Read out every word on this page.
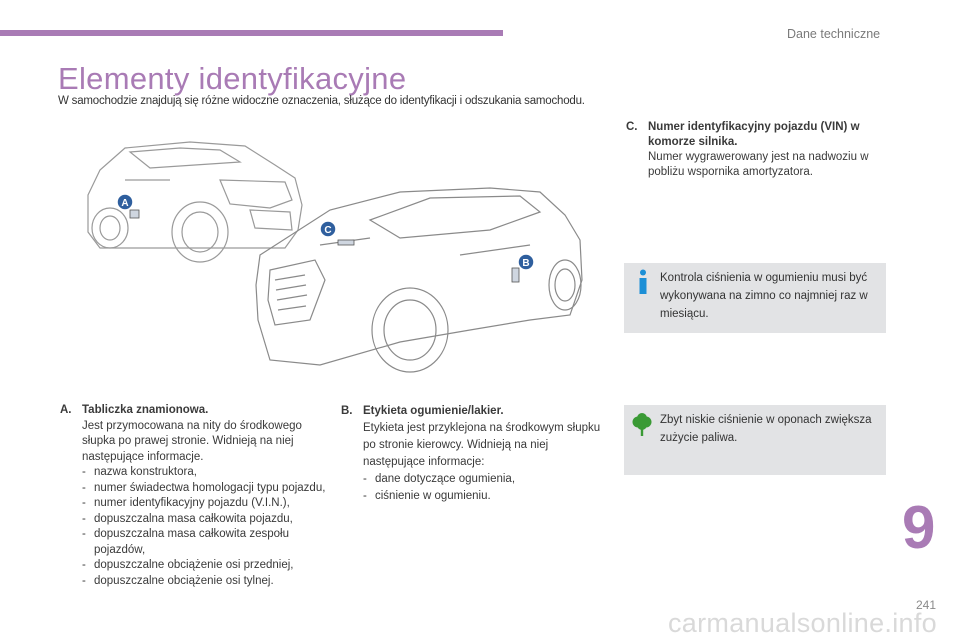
Dane techniczne
Elementy identyfikacyjne
W samochodzie znajdują się różne widoczne oznaczenia, służące do identyfikacji i odszukania samochodu.
A
C
B
C. Numer identyfikacyjny pojazdu (VIN) w komorze silnika.
Numer wygrawerowany jest na nadwoziu w pobliżu wspornika amortyzatora.
Kontrola ciśnienia w ogumieniu musi być wykonywana na zimno co najmniej raz w miesiącu.
Zbyt niskie ciśnienie w oponach zwiększa zużycie paliwa.
A. Tabliczka znamionowa.
Jest przymocowana na nity do środkowego słupka po prawej stronie. Widnieją na niej następujące informacje.
- nazwa konstruktora,
- numer świadectwa homologacji typu pojazdu,
- numer identyfikacyjny pojazdu (V.I.N.),
- dopuszczalna masa całkowita pojazdu,
- dopuszczalna masa całkowita zespołu pojazdów,
- dopuszczalne obciążenie osi przedniej,
- dopuszczalne obciążenie osi tylnej.
B. Etykieta ogumienie/lakier.
Etykieta jest przyklejona na środkowym słupku po stronie kierowcy. Widnieją na niej następujące informacje:
- dane dotyczące ogumienia,
- ciśnienie w ogumieniu.	9
241
carmanualsonline.info
